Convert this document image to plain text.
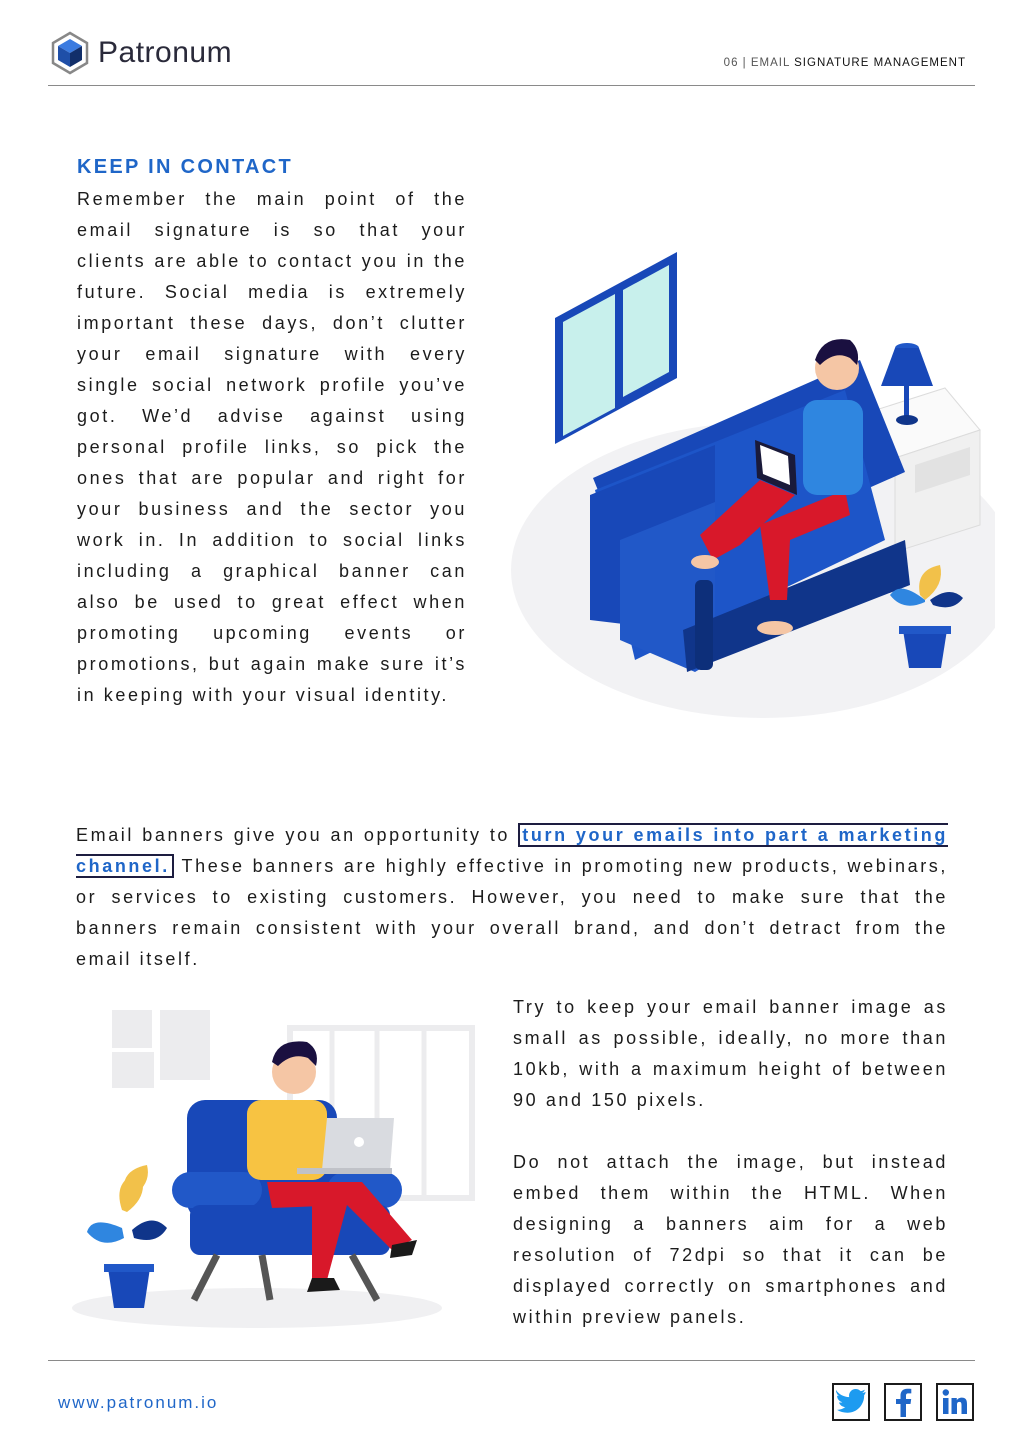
Patronum	06 | EMAIL SIGNATURE MANAGEMENT
KEEP IN CONTACT
Remember the main point of the email signature is so that your clients are able to contact you in the future. Social media is extremely important these days, don’t clutter your email signature with every single social network profile you’ve got. We’d advise against using personal profile links, so pick the ones that are popular and right for your business and the sector you work in. In addition to social links including a graphical banner can also be used to great effect when promoting upcoming events or promotions, but again make sure it’s in keeping with your visual identity.
Email banners give you an opportunity to turn your emails into part a marketing channel. These banners are highly effective in promoting new products, webinars, or services to existing customers. However, you need to make sure that the banners remain consistent with your overall brand, and don’t detract from the email itself.
Try to keep your email banner image as small as possible, ideally, no more than 10kb, with a maximum height of between 90 and 150 pixels.
Do not attach the image, but instead embed them within the HTML. When designing a banners aim for a web resolution of 72dpi so that it can be displayed correctly on smartphones and within preview panels.
www.patronum.io
